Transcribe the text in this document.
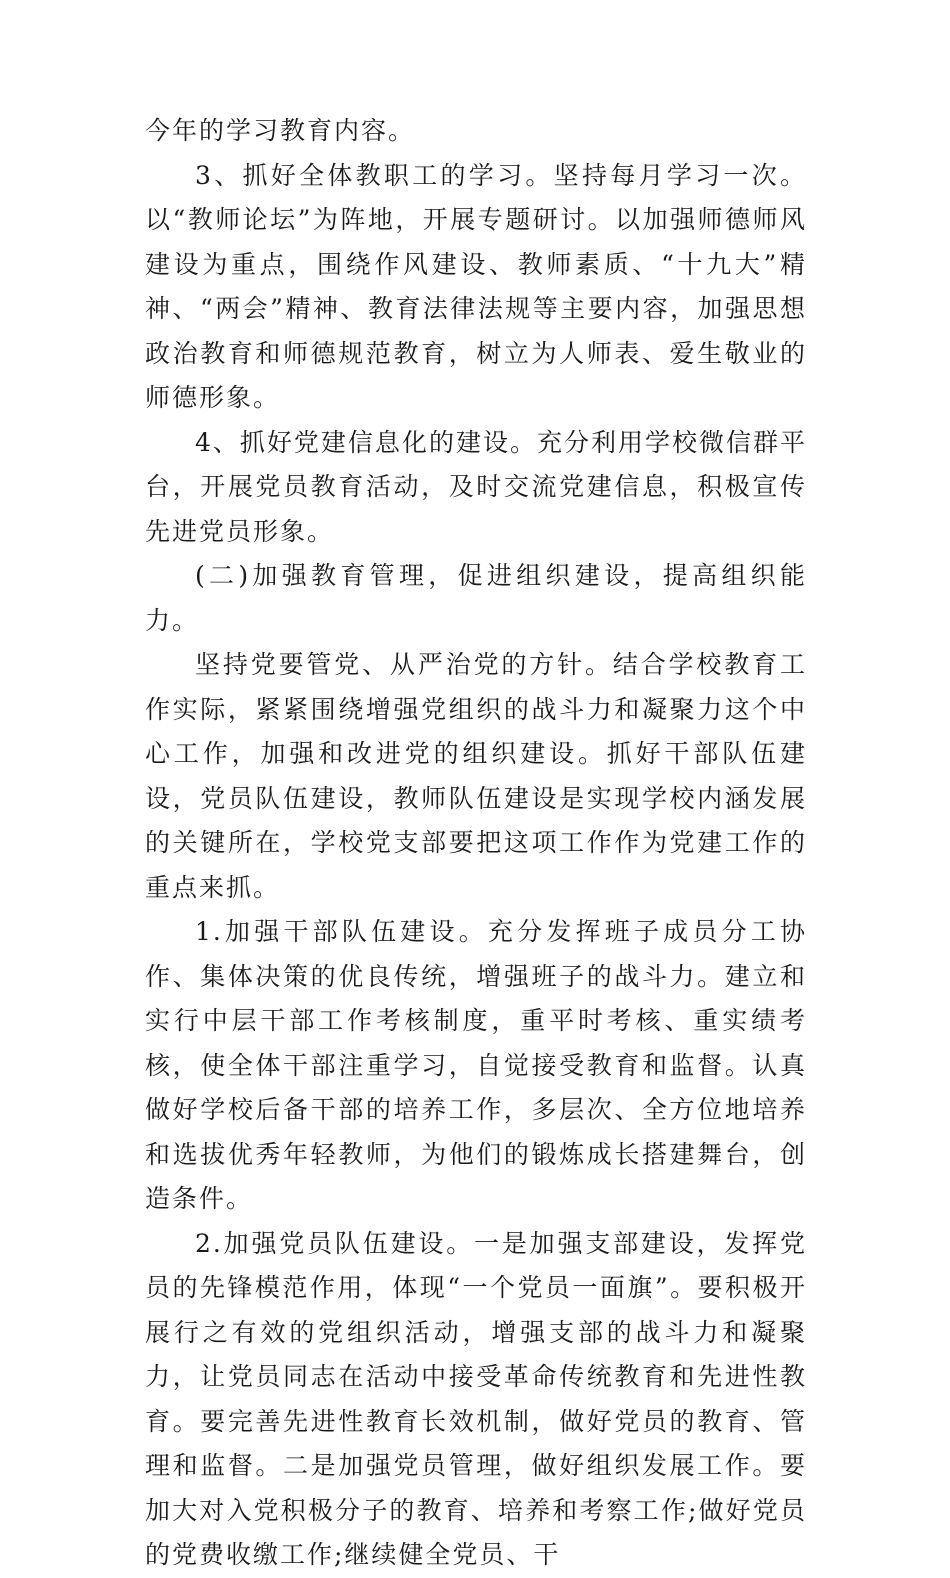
今年的学习教育内容。

3、抓好全体教职工的学习。坚持每月学习一次。以“教师论坛”为阵地，开展专题研讨。以加强师德师风建设为重点，围绕作风建设、教师素质、“十九大”精神、“两会”精神、教育法律法规等主要内容，加强思想政治教育和师德规范教育，树立为人师表、爱生敬业的师德形象。

4、抓好党建信息化的建设。充分利用学校微信群平台，开展党员教育活动，及时交流党建信息，积极宣传先进党员形象。

(二)加强教育管理，促进组织建设，提高组织能力。

坚持党要管党、从严治党的方针。结合学校教育工作实际，紧紧围绕增强党组织的战斗力和凝聚力这个中心工作，加强和改进党的组织建设。抓好干部队伍建设，党员队伍建设，教师队伍建设是实现学校内涵发展的关键所在，学校党支部要把这项工作作为党建工作的重点来抓。

1.加强干部队伍建设。充分发挥班子成员分工协作、集体决策的优良传统，增强班子的战斗力。建立和实行中层干部工作考核制度，重平时考核、重实绩考核，使全体干部注重学习，自觉接受教育和监督。认真做好学校后备干部的培养工作，多层次、全方位地培养和选拔优秀年轻教师，为他们的锻炼成长搭建舞台，创造条件。

2.加强党员队伍建设。一是加强支部建设，发挥党员的先锋模范作用，体现“一个党员一面旗”。要积极开展行之有效的党组织活动，增强支部的战斗力和凝聚力，让党员同志在活动中接受革命传统教育和先进性教育。要完善先进性教育长效机制，做好党员的教育、管理和监督。二是加强党员管理，做好组织发展工作。要加大对入党积极分子的教育、培养和考察工作;做好党员的党费收缴工作;继续健全党员、干
